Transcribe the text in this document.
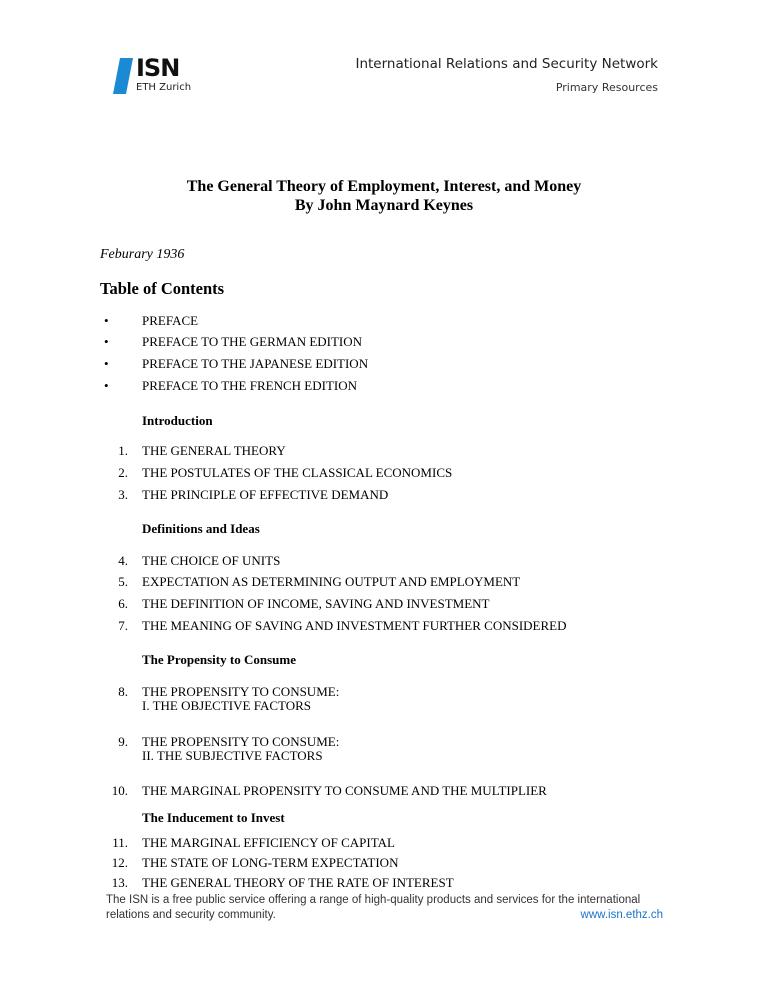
ISN
ETH Zurich
International Relations and Security Network
Primary Resources
The General Theory of Employment, Interest, and Money
By John Maynard Keynes
Feburary 1936
Table of Contents
•	PREFACE
•	PREFACE TO THE GERMAN EDITION
•	PREFACE TO THE JAPANESE EDITION
•	PREFACE TO THE FRENCH EDITION
Introduction
1. THE GENERAL THEORY
2. THE POSTULATES OF THE CLASSICAL ECONOMICS
3. THE PRINCIPLE OF EFFECTIVE DEMAND
Definitions and Ideas
4. THE CHOICE OF UNITS
5. EXPECTATION AS DETERMINING OUTPUT AND EMPLOYMENT
6. THE DEFINITION OF INCOME, SAVING AND INVESTMENT
7. THE MEANING OF SAVING AND INVESTMENT FURTHER CONSIDERED
The Propensity to Consume
8. THE PROPENSITY TO CONSUME:
I. THE OBJECTIVE FACTORS
9. THE PROPENSITY TO CONSUME:
II. THE SUBJECTIVE FACTORS
10. THE MARGINAL PROPENSITY TO CONSUME AND THE MULTIPLIER
The Inducement to Invest
11. THE MARGINAL EFFICIENCY OF CAPITAL
12. THE STATE OF LONG-TERM EXPECTATION
13. THE GENERAL THEORY OF THE RATE OF INTEREST
The ISN is a free public service offering a range of high-quality products and services for the international
relations and security community.	www.isn.ethz.ch
